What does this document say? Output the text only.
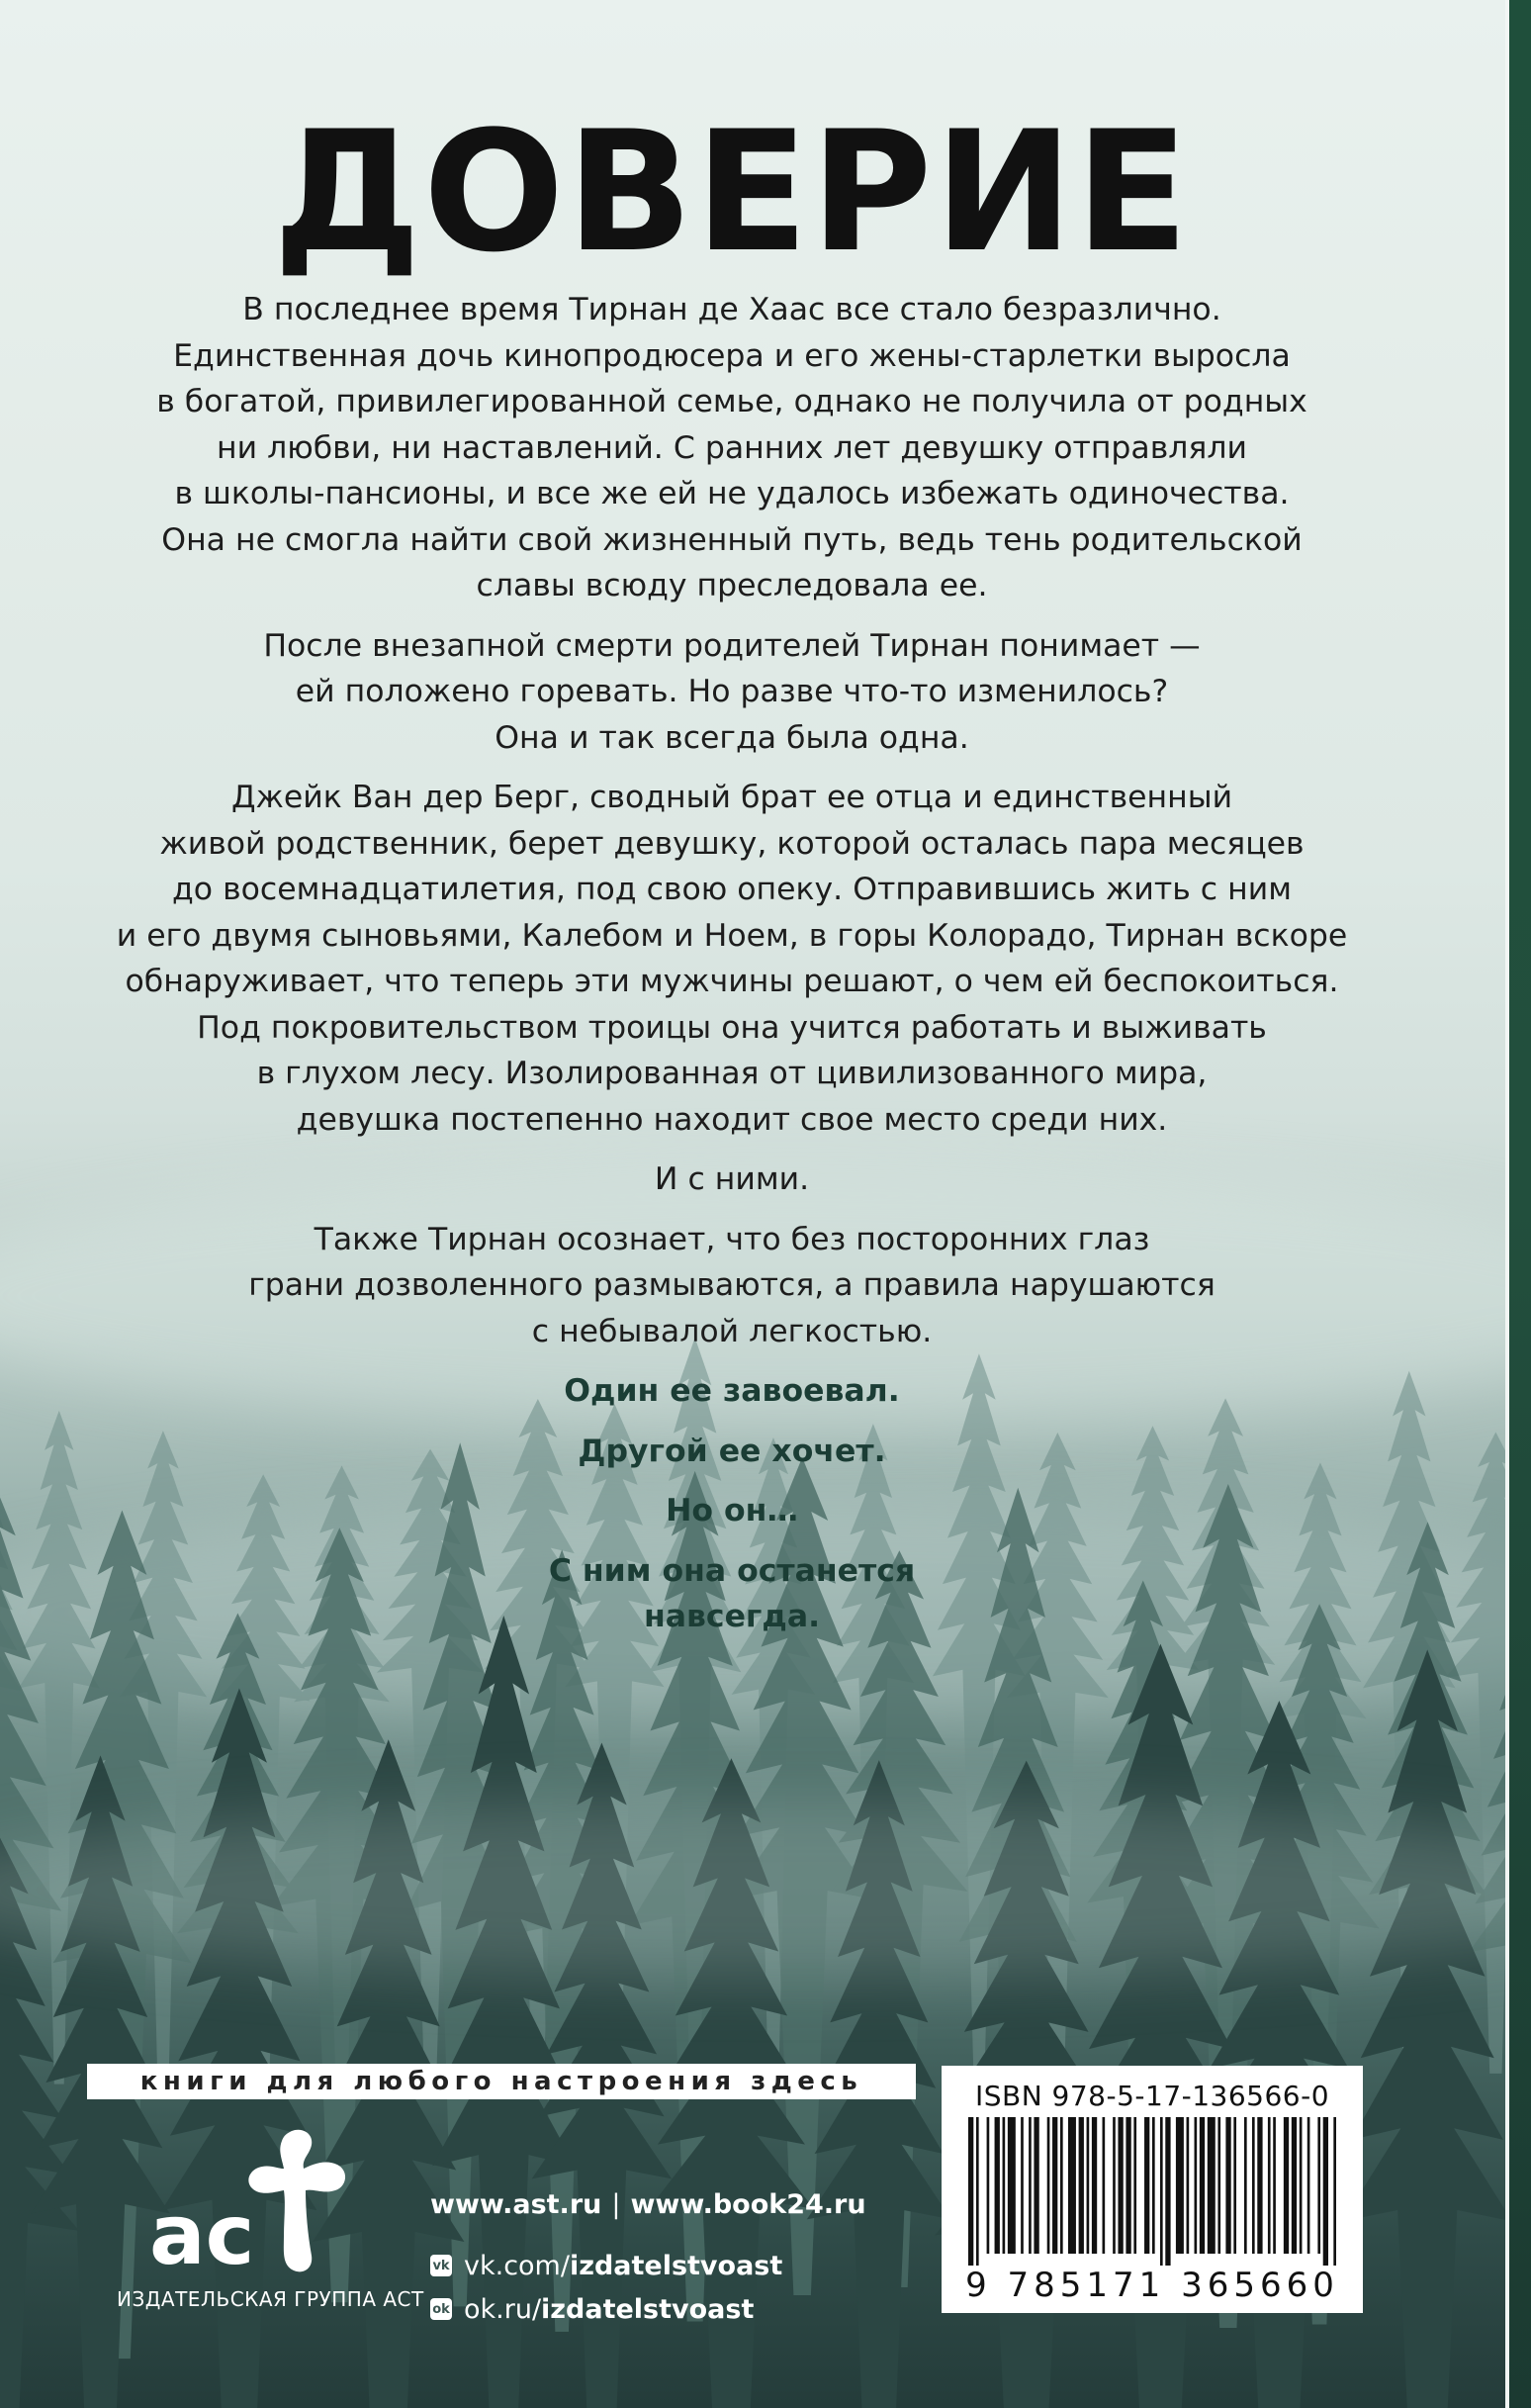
ДОВЕРИЕ

В последнее время Тирнан де Хаас все стало безразлично.
Единственная дочь кинопродюсера и его жены-старлетки выросла
в богатой, привилегированной семье, однако не получила от родных
ни любви, ни наставлений. С ранних лет девушку отправляли
в школы-пансионы, и все же ей не удалось избежать одиночества.
Она не смогла найти свой жизненный путь, ведь тень родительской
славы всюду преследовала ее.

После внезапной смерти родителей Тирнан понимает —
ей положено горевать. Но разве что-то изменилось?
Она и так всегда была одна.

Джейк Ван дер Берг, сводный брат ее отца и единственный
живой родственник, берет девушку, которой осталась пара месяцев
до восемнадцатилетия, под свою опеку. Отправившись жить с ним
и его двумя сыновьями, Калебом и Ноем, в горы Колорадо, Тирнан вскоре
обнаруживает, что теперь эти мужчины решают, о чем ей беспокоиться.
Под покровительством троицы она учится работать и выживать
в глухом лесу. Изолированная от цивилизованного мира,
девушка постепенно находит свое место среди них.

И с ними.

Также Тирнан осознает, что без посторонних глаз
грани дозволенного размываются, а правила нарушаются
с небывалой легкостью.

Один ее завоевал.

Другой ее хочет.

Но он…

С ним она останется
навсегда.

книги для любого настроения здесь
ac
ИЗДАТЕЛЬСКАЯ ГРУППА АСТ
www.ast.ru | www.book24.ru
vk vk.com/ izdatelstvoast
ok ok.ru/ izdatelstvoast
ISBN 978-5-17-136566-0
9 785171 365660
